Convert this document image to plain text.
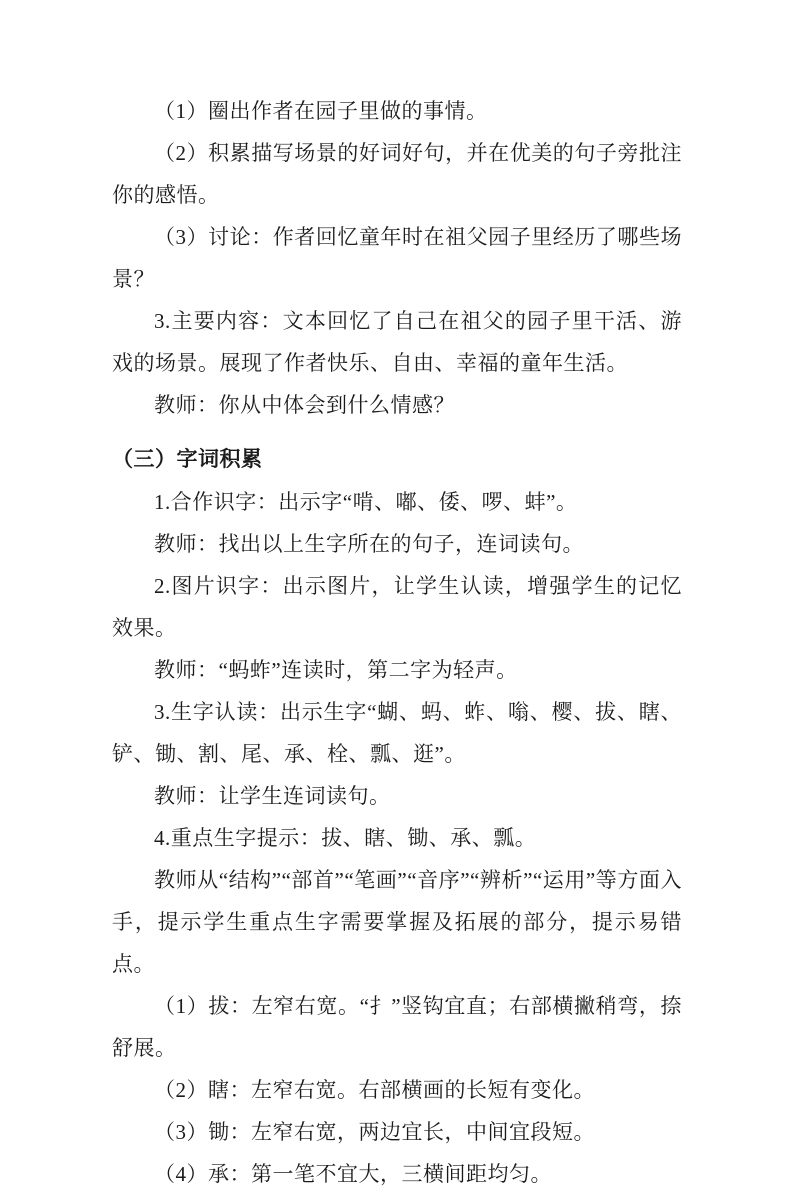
（1）圈出作者在园子里做的事情。

（2）积累描写场景的好词好句，并在优美的句子旁批注你的感悟。

（3）讨论：作者回忆童年时在祖父园子里经历了哪些场景？

3.主要内容：文本回忆了自己在祖父的园子里干活、游戏的场景。展现了作者快乐、自由、幸福的童年生活。

教师：你从中体会到什么情感？

（三）字词积累

1.合作识字：出示字“啃、嘟、倭、啰、蚌”。

教师：找出以上生字所在的句子，连词读句。

2.图片识字：出示图片，让学生认读，增强学生的记忆效果。

教师：“蚂蚱”连读时，第二字为轻声。

3.生字认读：出示生字“蝴、蚂、蚱、嗡、樱、拔、瞎、铲、锄、割、尾、承、栓、瓢、逛”。

教师：让学生连词读句。

4.重点生字提示：拔、瞎、锄、承、瓢。

教师从“结构”“部首”“笔画”“音序”“辨析”“运用”等方面入手，提示学生重点生字需要掌握及拓展的部分，提示易错点。

（1）拔：左窄右宽。“扌”竖钩宜直；右部横撇稍弯，捺舒展。

（2）瞎：左窄右宽。右部横画的长短有变化。

（3）锄：左窄右宽，两边宜长，中间宜段短。

（4）承：第一笔不宜大，三横间距均匀。
